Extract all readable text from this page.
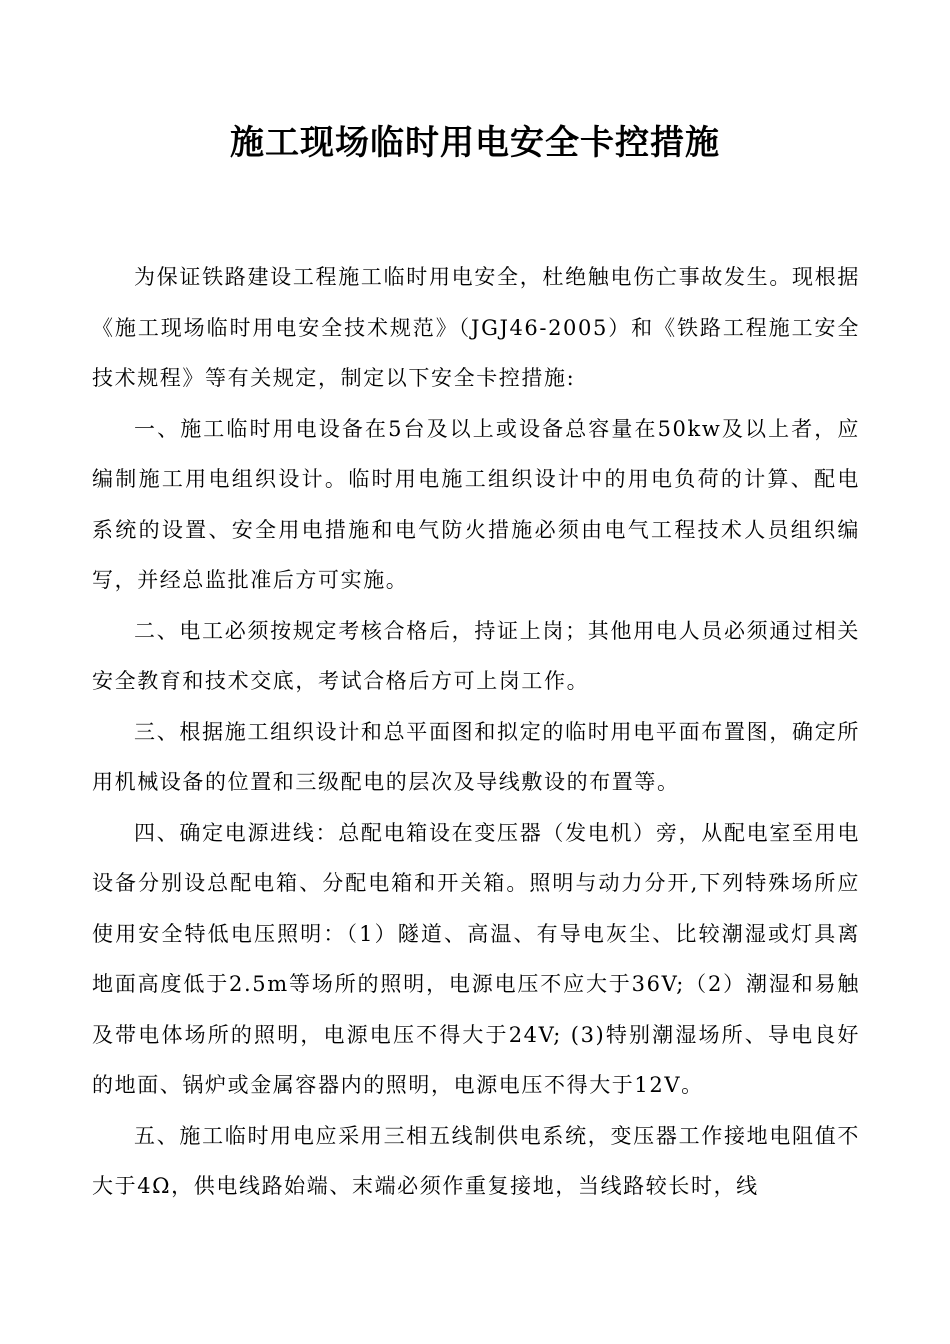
施工现场临时用电安全卡控措施

为保证铁路建设工程施工临时用电安全，杜绝触电伤亡事故发生。现根据《施工现场临时用电安全技术规范》（JGJ46-2005）和《铁路工程施工安全技术规程》等有关规定，制定以下安全卡控措施:

一、施工临时用电设备在5台及以上或设备总容量在50kw及以上者，应编制施工用电组织设计。临时用电施工组织设计中的用电负荷的计算、配电系统的设置、安全用电措施和电气防火措施必须由电气工程技术人员组织编写，并经总监批准后方可实施。

二、电工必须按规定考核合格后，持证上岗；其他用电人员必须通过相关安全教育和技术交底，考试合格后方可上岗工作。

三、根据施工组织设计和总平面图和拟定的临时用电平面布置图，确定所用机械设备的位置和三级配电的层次及导线敷设的布置等。

四、确定电源进线：总配电箱设在变压器（发电机）旁，从配电室至用电设备分别设总配电箱、分配电箱和开关箱。照明与动力分开,下列特殊场所应使用安全特低电压照明：（1）隧道、高温、有导电灰尘、比较潮湿或灯具离地面高度低于2.5m等场所的照明，电源电压不应大于36V;（2）潮湿和易触及带电体场所的照明，电源电压不得大于24V; (3)特别潮湿场所、导电良好的地面、锅炉或金属容器内的照明，电源电压不得大于12V。

五、施工临时用电应采用三相五线制供电系统，变压器工作接地电阻值不大于4Ω，供电线路始端、末端必须作重复接地，当线路较长时，线
